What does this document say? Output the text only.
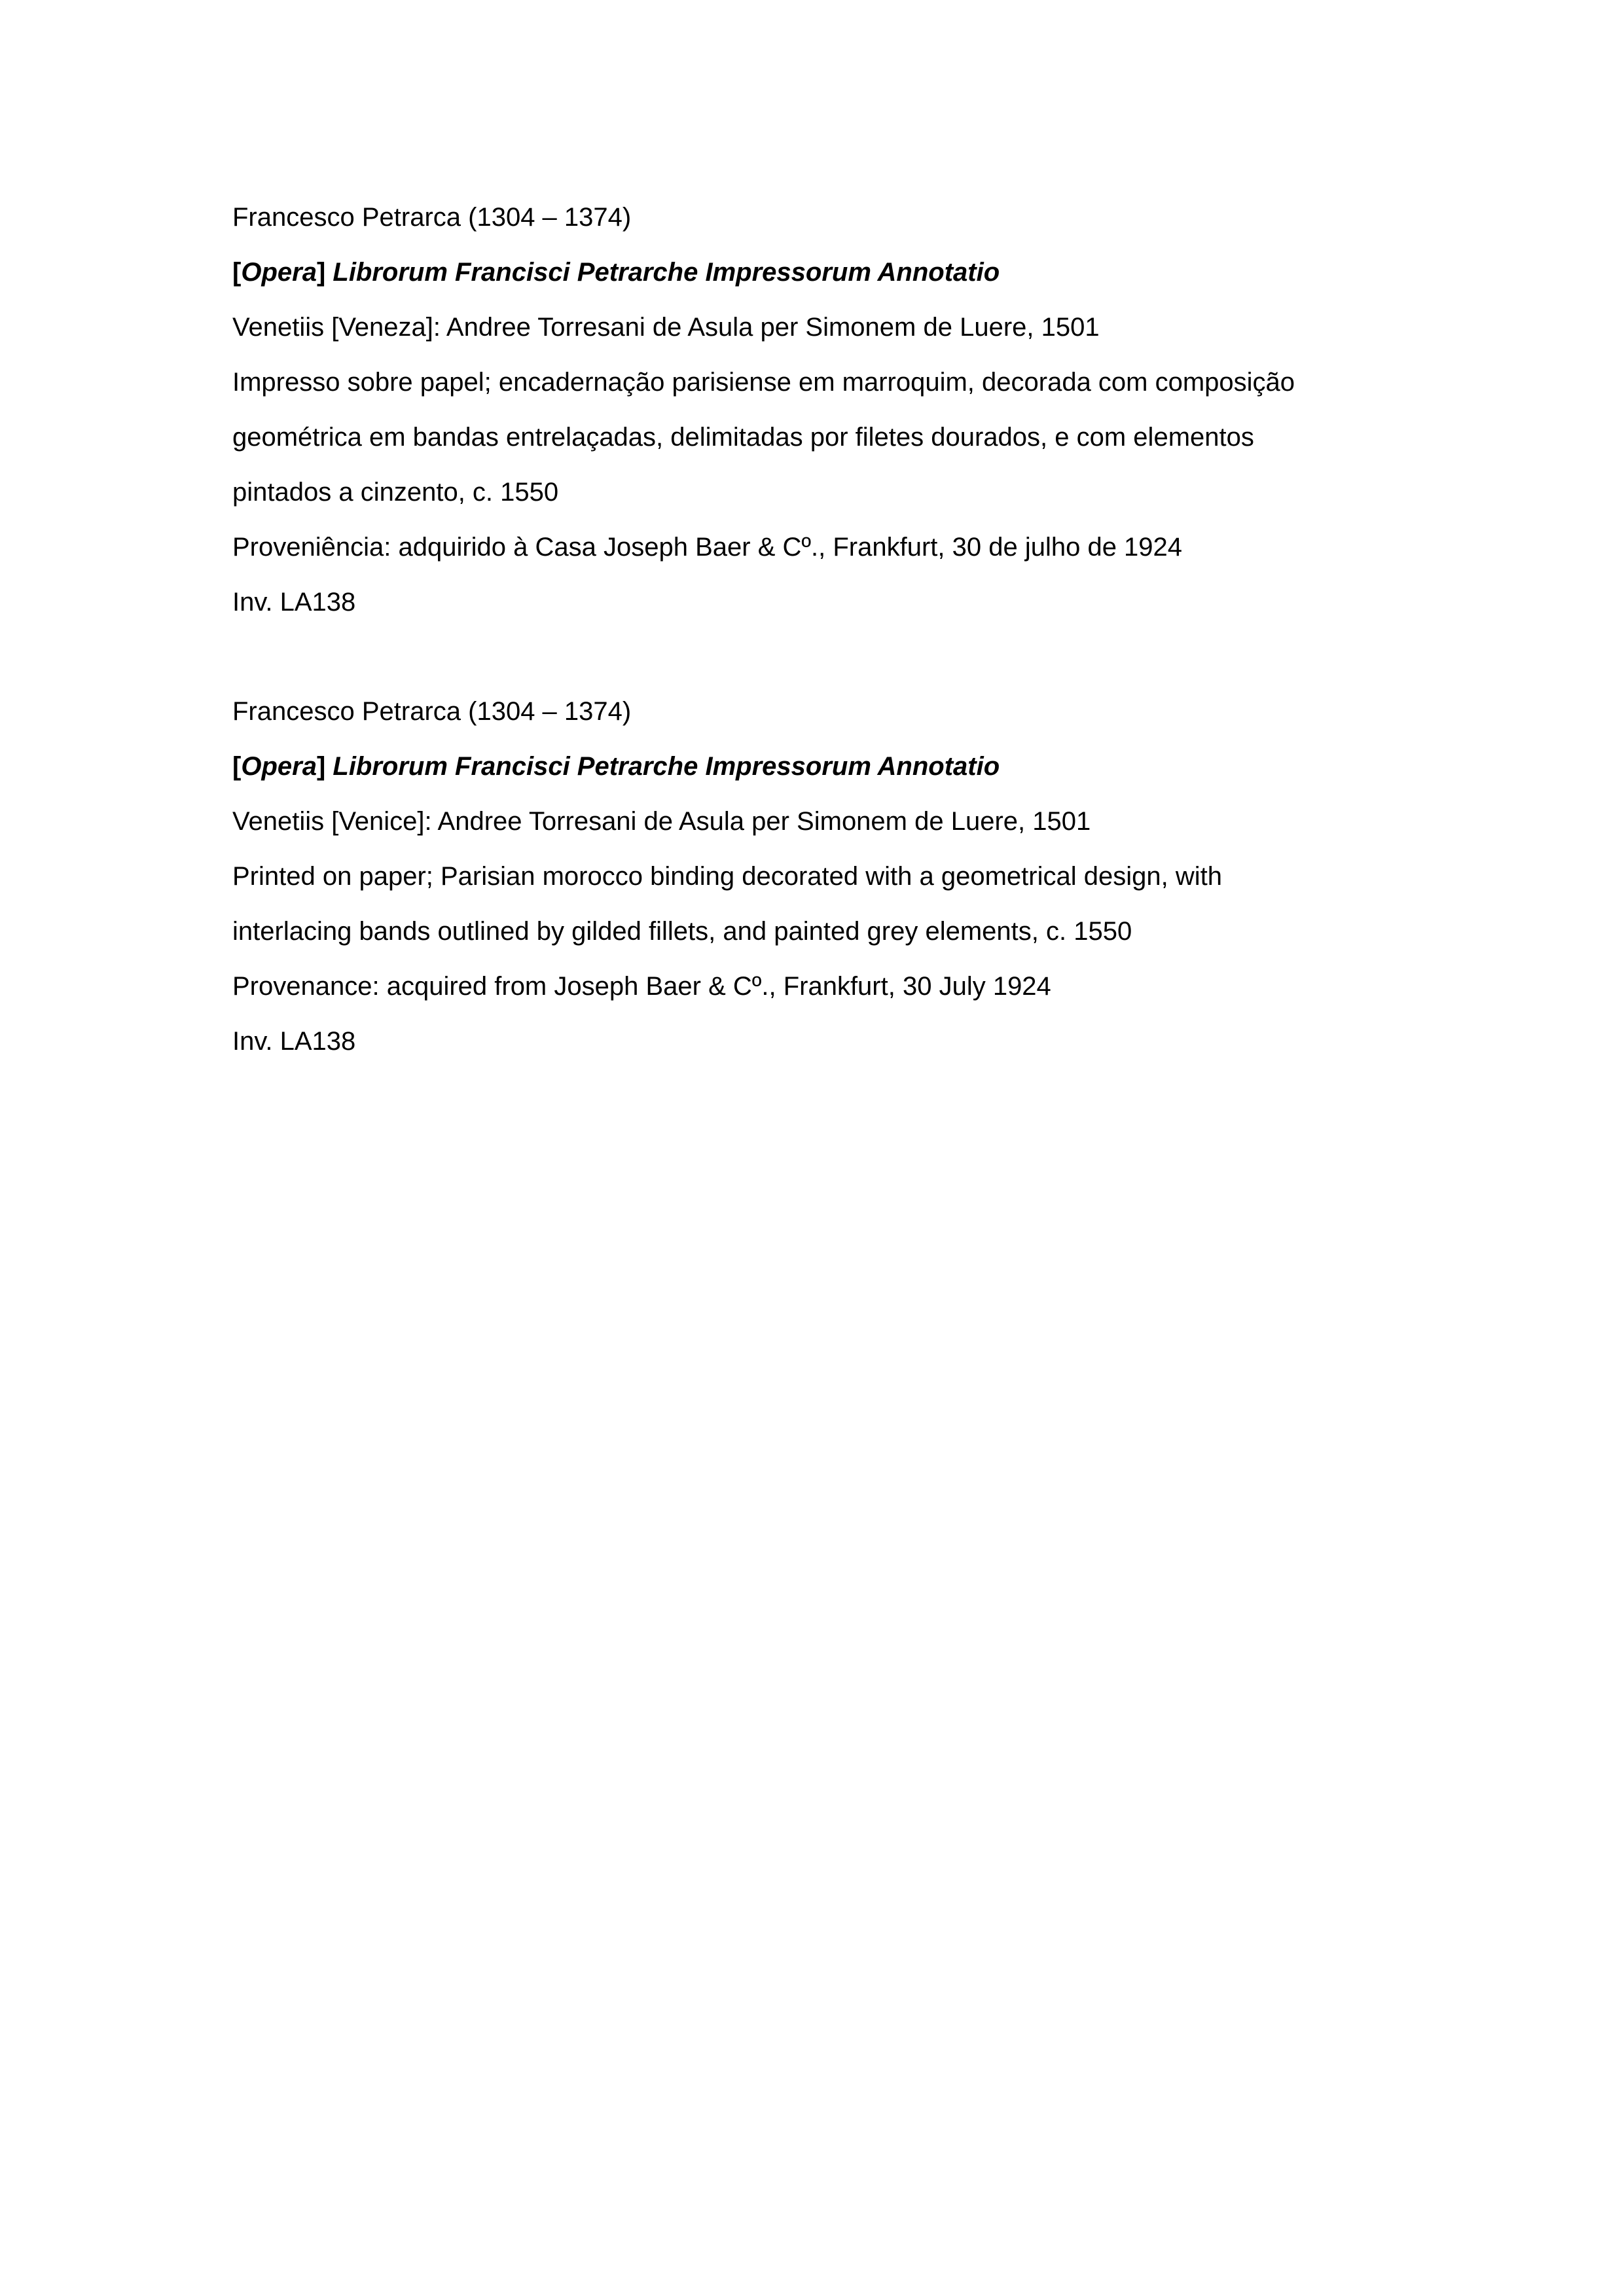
Francesco Petrarca (1304 – 1374)
[Opera] Librorum Francisci Petrarche Impressorum Annotatio
Venetiis [Veneza]: Andree Torresani de Asula per Simonem de Luere, 1501
Impresso sobre papel; encadernação parisiense em marroquim, decorada com composição
geométrica em bandas entrelaçadas, delimitadas por filetes dourados, e com elementos
pintados a cinzento, c. 1550
Proveniência: adquirido à Casa Joseph Baer & Cº., Frankfurt, 30 de julho de 1924
Inv. LA138
Francesco Petrarca (1304 – 1374)
[Opera] Librorum Francisci Petrarche Impressorum Annotatio
Venetiis [Venice]: Andree Torresani de Asula per Simonem de Luere, 1501
Printed on paper; Parisian morocco binding decorated with a geometrical design, with
interlacing bands outlined by gilded fillets, and painted grey elements, c. 1550
Provenance: acquired from Joseph Baer & Cº., Frankfurt, 30 July 1924
Inv. LA138
